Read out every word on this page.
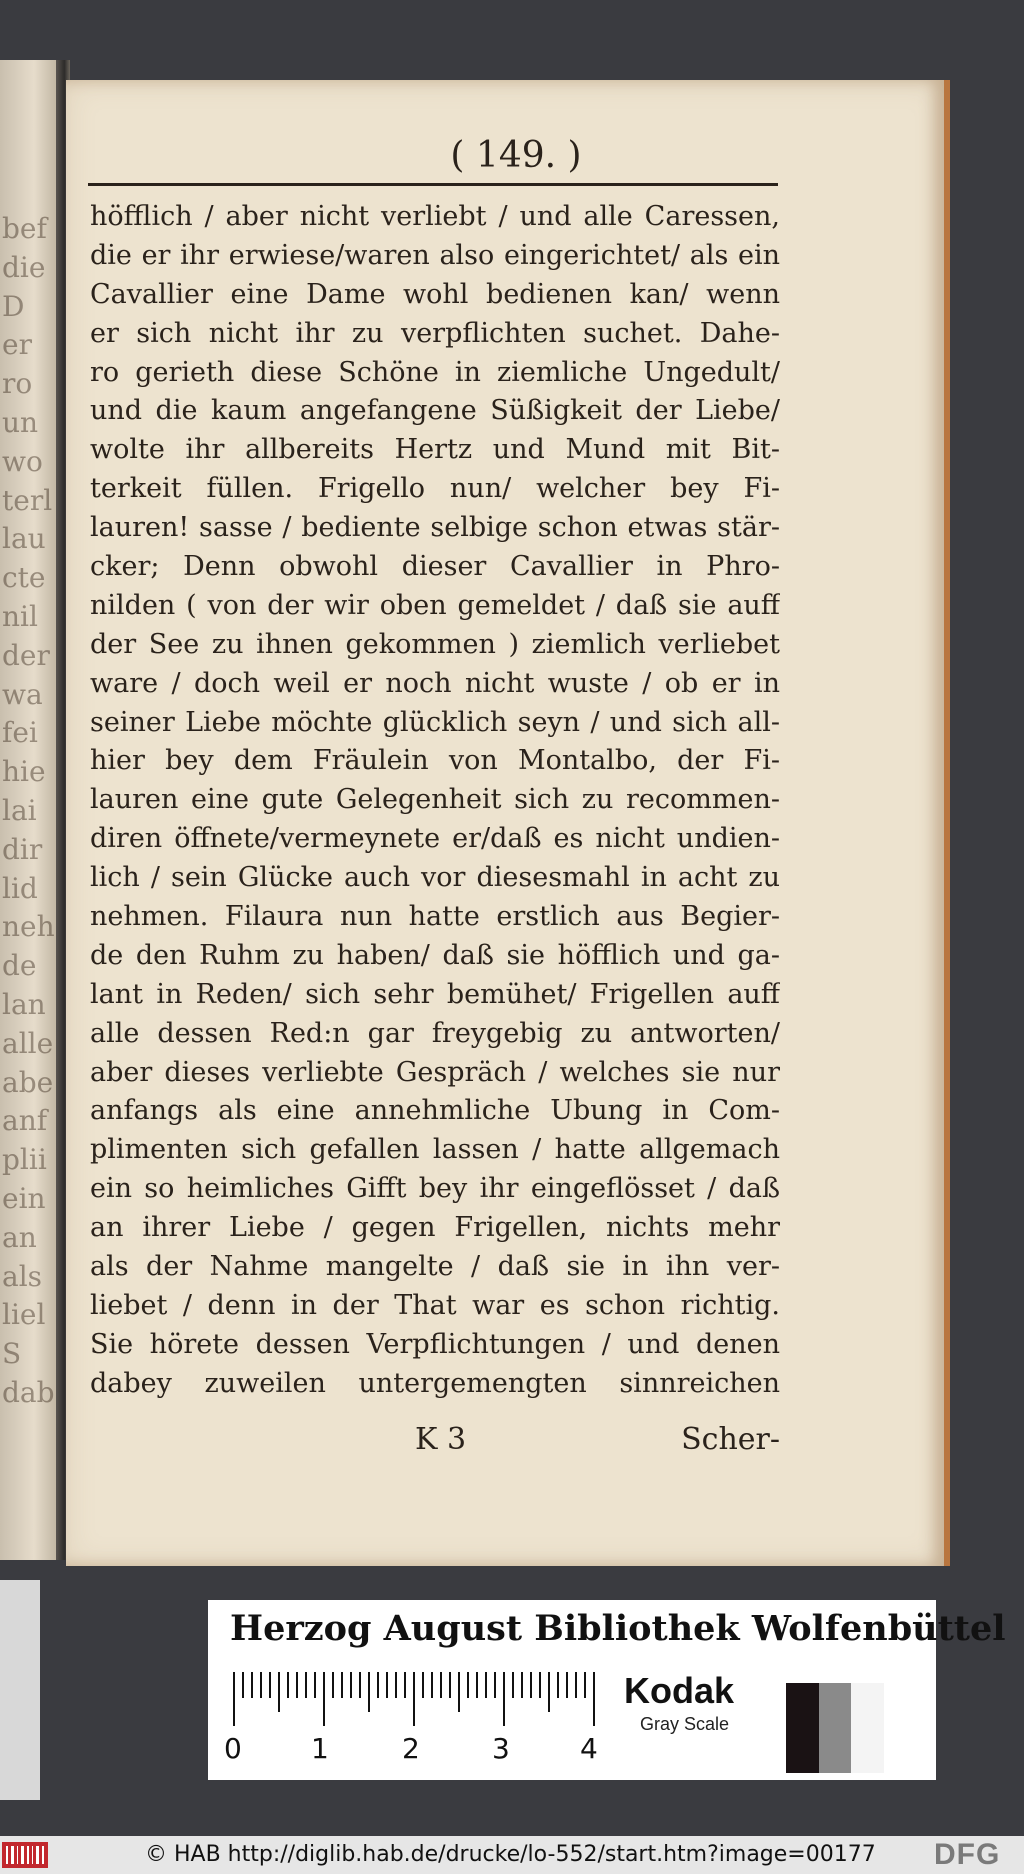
bef
die
D
er
ro
un
wo
terl
lau
cte
nil
der
wa
fei
hie
lai
dir
lid
neh
de
lan
alle
abe
anf
plii
ein
an
als
liel
S
dab
( 149. )
höfflich / aber nicht verliebt / und alle Caressen,
die er ihr erwiese/waren also eingerichtet/ als ein
Cavallier eine Dame wohl bedienen kan/ wenn
er sich nicht ihr zu verpflichten suchet. Dahe-
ro gerieth diese Schöne in ziemliche Ungedult/
und die kaum angefangene Süßigkeit der Liebe/
wolte ihr allbereits Hertz und Mund mit Bit-
terkeit füllen. Frigello nun/ welcher bey Fi-
lauren! sasse / bediente selbige schon etwas stär-
cker; Denn obwohl dieser Cavallier in Phro-
nilden ( von der wir oben gemeldet / daß sie auff
der See zu ihnen gekommen ) ziemlich verliebet
ware / doch weil er noch nicht wuste / ob er in
seiner Liebe möchte glücklich seyn / und sich all-
hier bey dem Fräulein von Montalbo, der Fi-
lauren eine gute Gelegenheit sich zu recommen-
diren öffnete/vermeynete er/daß es nicht undien-
lich / sein Glücke auch vor diesesmahl in acht zu
nehmen. Filaura nun hatte erstlich aus Begier-
de den Ruhm zu haben/ daß sie höfflich und ga-
lant in Reden/ sich sehr bemühet/ Frigellen auff
alle dessen Red:n gar freygebig zu antworten/
aber dieses verliebte Gespräch / welches sie nur
anfangs als eine annehmliche Ubung in Com-
plimenten sich gefallen lassen / hatte allgemach
ein so heimliches Gifft bey ihr eingeflösset / daß
an ihrer Liebe / gegen Frigellen, nichts mehr
als der Nahme mangelte / daß sie in ihn ver-
liebet / denn in der That war es schon richtig.
Sie hörete dessen Verpflichtungen / und denen
dabey zuweilen untergemengten sinnreichen
K 3	Scher-
Herzog August Bibliothek Wolfenbüttel
0 1	2	3	4
Kodak
Gray Scale
© HAB http://diglib.hab.de/drucke/lo-552/start.htm?image=00177 DFG
